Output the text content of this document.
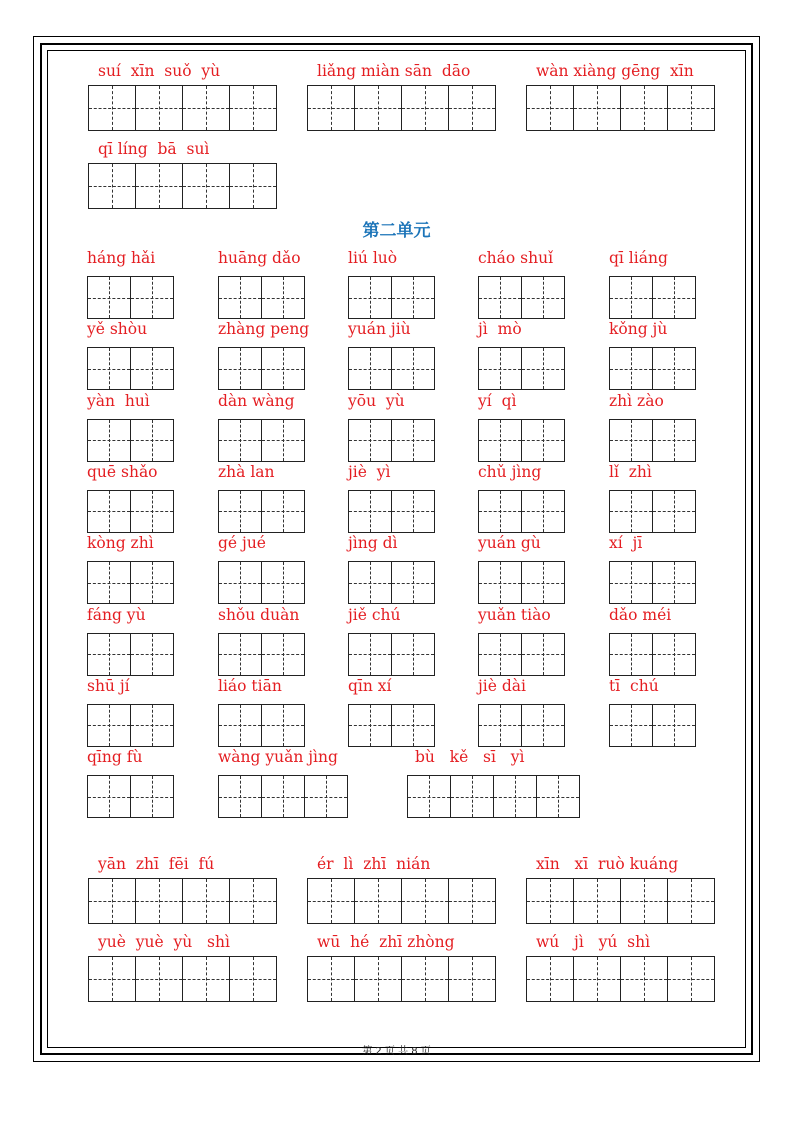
第二单元
suí  xīn  suǒ  yù	liǎng miàn sān  dāo	wàn xiàng gēng  xīn
qī líng  bā  suì
háng hǎi	huāng dǎo	liú luò	cháo shuǐ	qī liáng
yě shòu	zhàng peng	yuán jiù	jì  mò	kǒng jù
yàn  huì	dàn wàng	yōu  yù	yí  qì	zhì zào
quē shǎo	zhà lan	jiè  yì	chǔ jìng	lǐ  zhì
kòng zhì	gé jué	jìng dì	yuán gù	xí  jī
fáng yù	shǒu duàn	jiě chú	yuǎn tiào	dǎo méi
shū jí	liáo tiān	qīn xí	jiè dài	tī  chú
qīng fù	wàng yuǎn jìng	bù   kě   sī   yì
yān  zhī  fēi  fú	ér  lì  zhī  nián	xīn   xī  ruò kuáng
yuè  yuè  yù   shì	wū  hé  zhī zhòng	wú   jì   yú  shì
第 2 页 共 8 页
